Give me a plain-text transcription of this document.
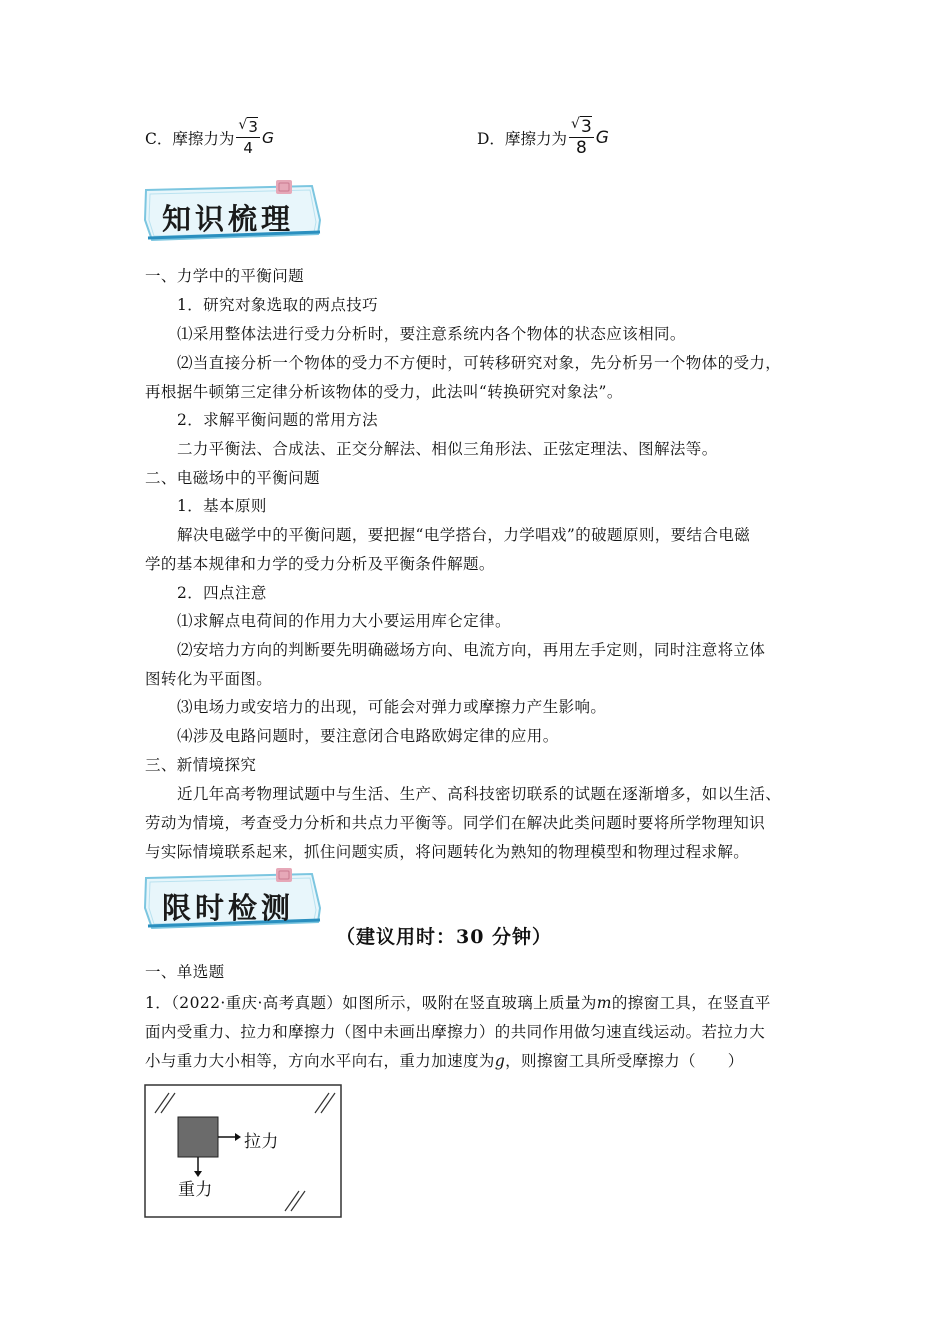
C． 摩擦力为 $\frac{√ 3}{4}$ G	D． 摩擦力为 $\frac{√ 3}{8}$ G
知识梳理
一、力学中的平衡问题
1．研究对象选取的两点技巧
⑴采用整体法进行受力分析时，要注意系统内各个物体的状态应该相同。
⑵当直接分析一个物体的受力不方便时，可转移研究对象，先分析另一个物体的受力，
再根据牛顿第三定律分析该物体的受力，此法叫“转换研究对象法”。
2．求解平衡问题的常用方法
二力平衡法、合成法、正交分解法、相似三角形法、正弦定理法、图解法等。
二、电磁场中的平衡问题
1．基本原则
解决电磁学中的平衡问题，要把握“电学搭台，力学唱戏”的破题原则，要结合电磁
学的基本规律和力学的受力分析及平衡条件解题。
2．四点注意
⑴求解点电荷间的作用力大小要运用库仑定律。
⑵安培力方向的判断要先明确磁场方向、电流方向，再用左手定则，同时注意将立体
图转化为平面图。
⑶电场力或安培力的出现，可能会对弹力或摩擦力产生影响。
⑷涉及电路问题时，要注意闭合电路欧姆定律的应用。
三、新情境探究
近几年高考物理试题中与生活、生产、高科技密切联系的试题在逐渐增多，如以生活、
劳动为情境，考查受力分析和共点力平衡等。同学们在解决此类问题时要将所学物理知识
与实际情境联系起来，抓住问题实质，将问题转化为熟知的物理模型和物理过程求解。
限时检测
（建议用时：30 分钟）
一、单选题
1．（2022·重庆·高考真题）如图所示，吸附在竖直玻璃上质量为m的擦窗工具，在竖直平
面内受重力、拉力和摩擦力（图中未画出摩擦力）的共同作用做匀速直线运动。若拉力大
小与重力大小相等，方向水平向右，重力加速度为g，则擦窗工具所受摩擦力（　　）
拉力
重力
